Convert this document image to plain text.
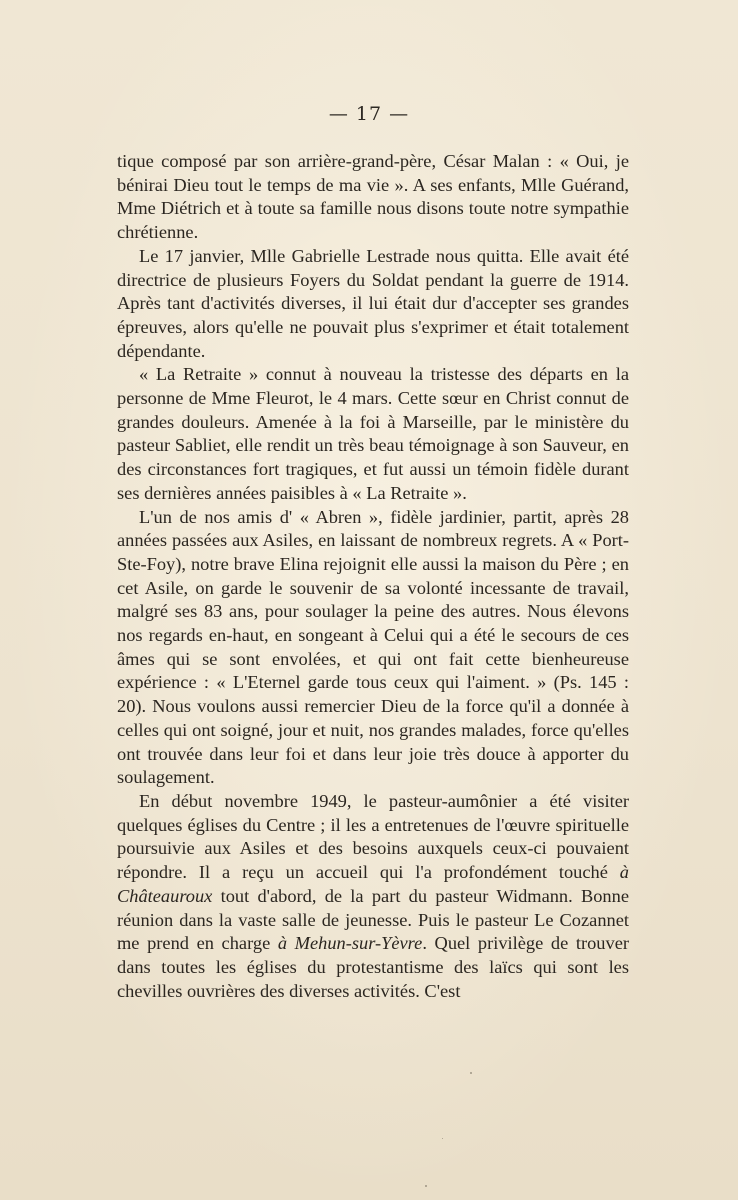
— 17 —

tique composé par son arrière-grand-père, César Malan : « Oui, je bénirai Dieu tout le temps de ma vie ». A ses enfants, Mlle Guérand, Mme Diétrich et à toute sa famille nous disons toute notre sympathie chrétienne.

Le 17 janvier, Mlle Gabrielle Lestrade nous quitta. Elle avait été directrice de plusieurs Foyers du Soldat pendant la guerre de 1914. Après tant d'activités diverses, il lui était dur d'accepter ses grandes épreuves, alors qu'elle ne pouvait plus s'exprimer et était totalement dépendante.

« La Retraite » connut à nouveau la tristesse des départs en la personne de Mme Fleurot, le 4 mars. Cette sœur en Christ connut de grandes douleurs. Amenée à la foi à Marseille, par le ministère du pasteur Sabliet, elle rendit un très beau témoignage à son Sauveur, en des circonstances fort tragiques, et fut aussi un témoin fidèle durant ses dernières années paisibles à « La Retraite ».

L'un de nos amis d' « Abren », fidèle jardinier, partit, après 28 années passées aux Asiles, en laissant de nombreux regrets. A « Port-Ste-Foy), notre brave Elina rejoignit elle aussi la maison du Père ; en cet Asile, on garde le souvenir de sa volonté incessante de travail, malgré ses 83 ans, pour soulager la peine des autres. Nous élevons nos regards en-haut, en songeant à Celui qui a été le secours de ces âmes qui se sont envolées, et qui ont fait cette bienheureuse expérience : « L'Eternel garde tous ceux qui l'aiment. » (Ps. 145 : 20). Nous voulons aussi remercier Dieu de la force qu'il a donnée à celles qui ont soigné, jour et nuit, nos grandes malades, force qu'elles ont trouvée dans leur foi et dans leur joie très douce à apporter du soulagement.

En début novembre 1949, le pasteur-aumônier a été visiter quelques églises du Centre ; il les a entretenues de l'œuvre spirituelle poursuivie aux Asiles et des besoins auxquels ceux-ci pouvaient répondre. Il a reçu un accueil qui l'a profondément touché à Châteauroux tout d'abord, de la part du pasteur Widmann. Bonne réunion dans la vaste salle de jeunesse. Puis le pasteur Le Cozannet me prend en charge à Mehun-sur-Yèvre. Quel privilège de trouver dans toutes les églises du protestantisme des laïcs qui sont les chevilles ouvrières des diverses activités. C'est
